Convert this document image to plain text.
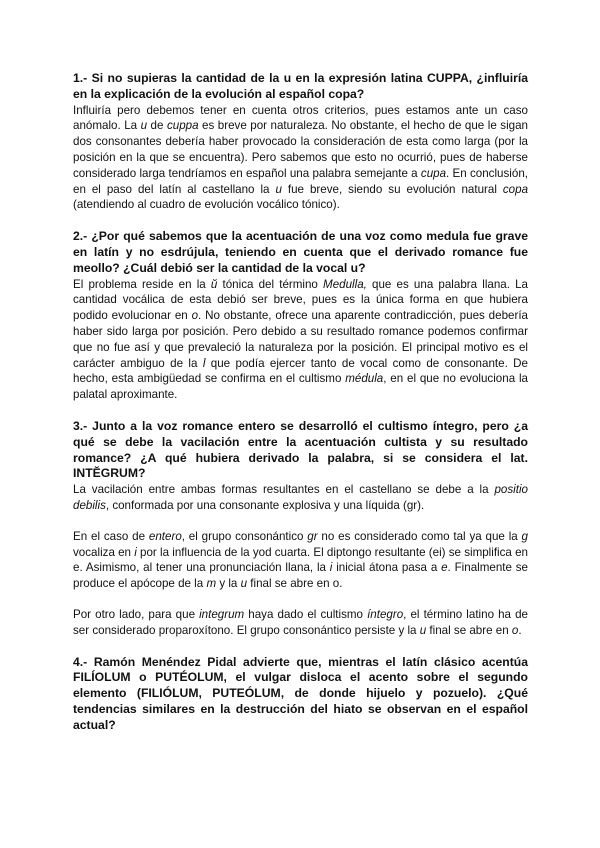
1.- Si no supieras la cantidad de la u en la expresión latina CUPPA, ¿influiría en la explicación de la evolución al español copa?

Influiría pero debemos tener en cuenta otros criterios, pues estamos ante un caso anómalo. La u de cuppa es breve por naturaleza. No obstante, el hecho de que le sigan dos consonantes debería haber provocado la consideración de esta como larga (por la posición en la que se encuentra). Pero sabemos que esto no ocurrió, pues de haberse considerado larga tendríamos en español una palabra semejante a cupa. En conclusión, en el paso del latín al castellano la u fue breve, siendo su evolución natural copa (atendiendo al cuadro de evolución vocálico tónico).

2.- ¿Por qué sabemos que la acentuación de una voz como medula fue grave en latín y no esdrújula, teniendo en cuenta que el derivado romance fue meollo? ¿Cuál debió ser la cantidad de la vocal u?

El problema reside en la ŭ tónica del término Medulla, que es una palabra llana. La cantidad vocálica de esta debió ser breve, pues es la única forma en que hubiera podido evolucionar en o. No obstante, ofrece una aparente contradicción, pues debería haber sido larga por posición. Pero debido a su resultado romance podemos confirmar que no fue así y que prevaleció la naturaleza por la posición. El principal motivo es el carácter ambiguo de la l que podía ejercer tanto de vocal como de consonante. De hecho, esta ambigüedad se confirma en el cultismo médula, en el que no evoluciona la palatal aproximante.

3.- Junto a la voz romance entero se desarrolló el cultismo íntegro, pero ¿a qué se debe la vacilación entre la acentuación cultista y su resultado romance? ¿A qué hubiera derivado la palabra, si se considera el lat. INTĔGRUM?

La vacilación entre ambas formas resultantes en el castellano se debe a la positio debilis, conformada por una consonante explosiva y una líquida (gr).

En el caso de entero, el grupo consonántico gr no es considerado como tal ya que la g vocaliza en i por la influencia de la yod cuarta. El diptongo resultante (ei) se simplifica en e. Asimismo, al tener una pronunciación llana, la i inicial átona pasa a e. Finalmente se produce el apócope de la m y la u final se abre en o.

Por otro lado, para que integrum haya dado el cultismo íntegro, el término latino ha de ser considerado proparoxítono. El grupo consonántico persiste y la u final se abre en o.

4.- Ramón Menéndez Pidal advierte que, mientras el latín clásico acentúa FILÍOLUM o PUTÉOLUM, el vulgar disloca el acento sobre el segundo elemento (FILIÓLUM, PUTEÓLUM, de donde hijuelo y pozuelo). ¿Qué tendencias similares en la destrucción del hiato se observan en el español actual?
